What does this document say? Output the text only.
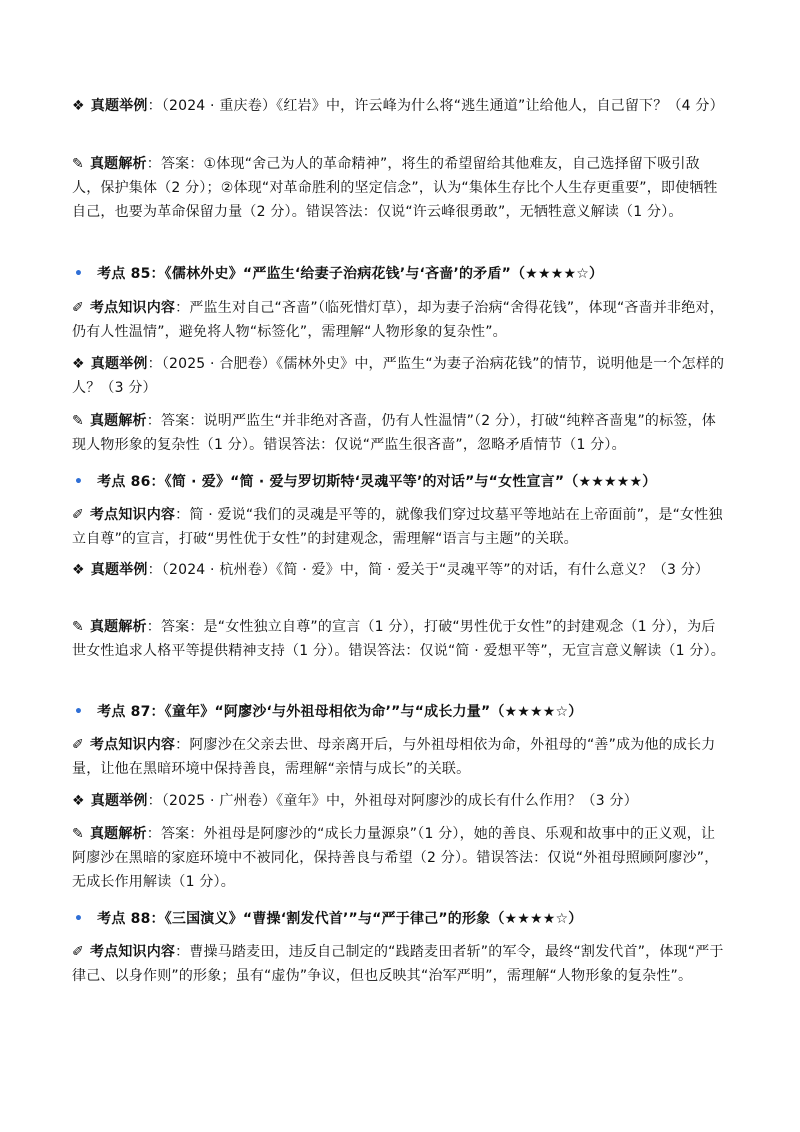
❖ 真题举例：（2024 · 重庆卷）《红岩》中，许云峰为什么将“逃生通道”让给他人，自己留下？（4 分）
✎ 真题解析：答案：①体现“舍己为人的革命精神”，将生的希望留给其他难友，自己选择留下吸引敌人，保护集体（2 分）；②体现“对革命胜利的坚定信念”，认为“集体生存比个人生存更重要”，即使牺牲自己，也要为革命保留力量（2 分）。错误答法：仅说“许云峰很勇敢”，无牺牲意义解读（1 分）。
• 考点 85：《儒林外史》“严监生‘给妻子治病花钱’与‘吝啬’的矛盾”（★★★★☆）
✐ 考点知识内容：严监生对自己“吝啬”（临死惜灯草），却为妻子治病“舍得花钱”，体现“吝啬并非绝对，仍有人性温情”，避免将人物“标签化”，需理解“人物形象的复杂性”。
❖ 真题举例：（2025 · 合肥卷）《儒林外史》中，严监生“为妻子治病花钱”的情节，说明他是一个怎样的人？（3 分）
✎ 真题解析：答案：说明严监生“并非绝对吝啬，仍有人性温情”（2 分），打破“纯粹吝啬鬼”的标签，体现人物形象的复杂性（1 分）。错误答法：仅说“严监生很吝啬”，忽略矛盾情节（1 分）。
• 考点 86：《简 · 爱》“简 · 爱与罗切斯特‘灵魂平等’的对话”与“女性宣言”（★★★★★）
✐ 考点知识内容：简 · 爱说“我们的灵魂是平等的，就像我们穿过坟墓平等地站在上帝面前”，是“女性独立自尊”的宣言，打破“男性优于女性”的封建观念，需理解“语言与主题”的关联。
❖ 真题举例：（2024 · 杭州卷）《简 · 爱》中，简 · 爱关于“灵魂平等”的对话，有什么意义？（3 分）
✎ 真题解析：答案：是“女性独立自尊”的宣言（1 分），打破“男性优于女性”的封建观念（1 分），为后世女性追求人格平等提供精神支持（1 分）。错误答法：仅说“简 · 爱想平等”，无宣言意义解读（1 分）。
• 考点 87：《童年》“阿廖沙‘与外祖母相依为命’”与“成长力量”（★★★★☆）
✐ 考点知识内容：阿廖沙在父亲去世、母亲离开后，与外祖母相依为命，外祖母的“善”成为他的成长力量，让他在黑暗环境中保持善良，需理解“亲情与成长”的关联。
❖ 真题举例：（2025 · 广州卷）《童年》中，外祖母对阿廖沙的成长有什么作用？（3 分）
✎ 真题解析：答案：外祖母是阿廖沙的“成长力量源泉”（1 分），她的善良、乐观和故事中的正义观，让阿廖沙在黑暗的家庭环境中不被同化，保持善良与希望（2 分）。错误答法：仅说“外祖母照顾阿廖沙”，无成长作用解读（1 分）。
• 考点 88：《三国演义》“曹操‘割发代首’”与“严于律己”的形象（★★★★☆）
✐ 考点知识内容：曹操马踏麦田，违反自己制定的“践踏麦田者斩”的军令，最终“割发代首”，体现“严于律己、以身作则”的形象；虽有“虚伪”争议，但也反映其“治军严明”，需理解“人物形象的复杂性”。
